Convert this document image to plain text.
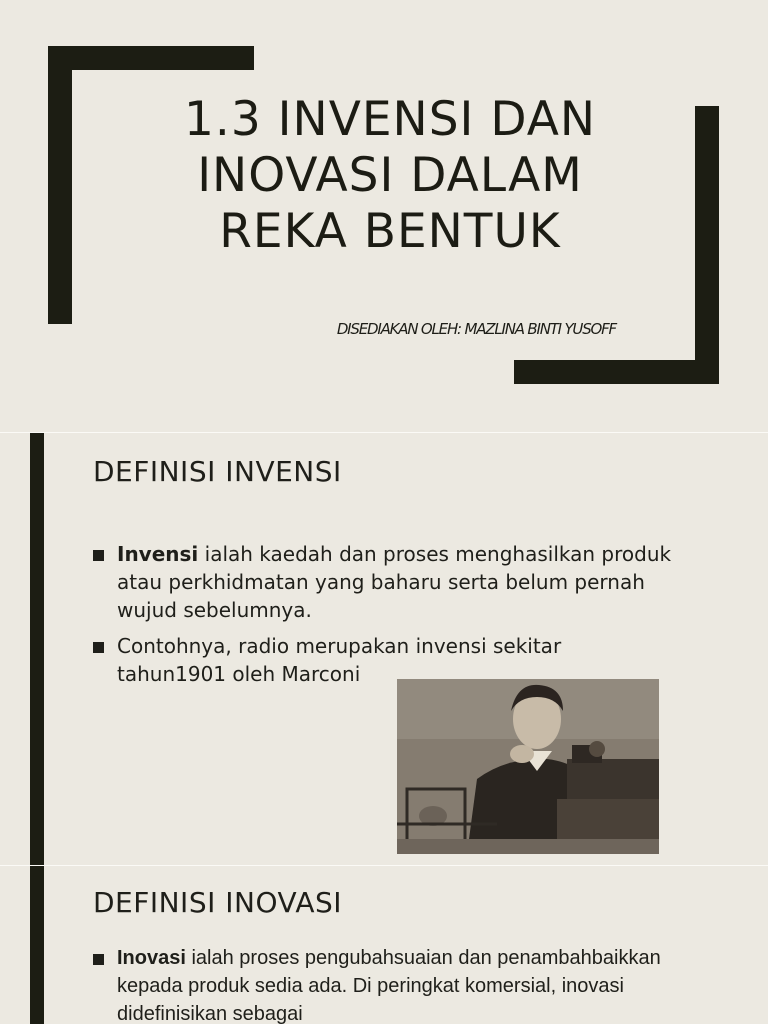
1.3 INVENSI DAN
INOVASI DALAM
REKA BENTUK
DISEDIAKAN OLEH: MAZLINA BINTI YUSOFF
DEFINISI INVENSI
Invensi ialah kaedah dan proses menghasilkan produk atau perkhidmatan yang baharu serta belum pernah wujud sebelumnya.
Contohnya, radio merupakan invensi sekitar tahun1901 oleh Marconi
DEFINISI INOVASI
Inovasi ialah proses pengubahsuaian dan penambahbaikkan kepada produk sedia ada. Di peringkat komersial, inovasi didefinisikan sebagai
